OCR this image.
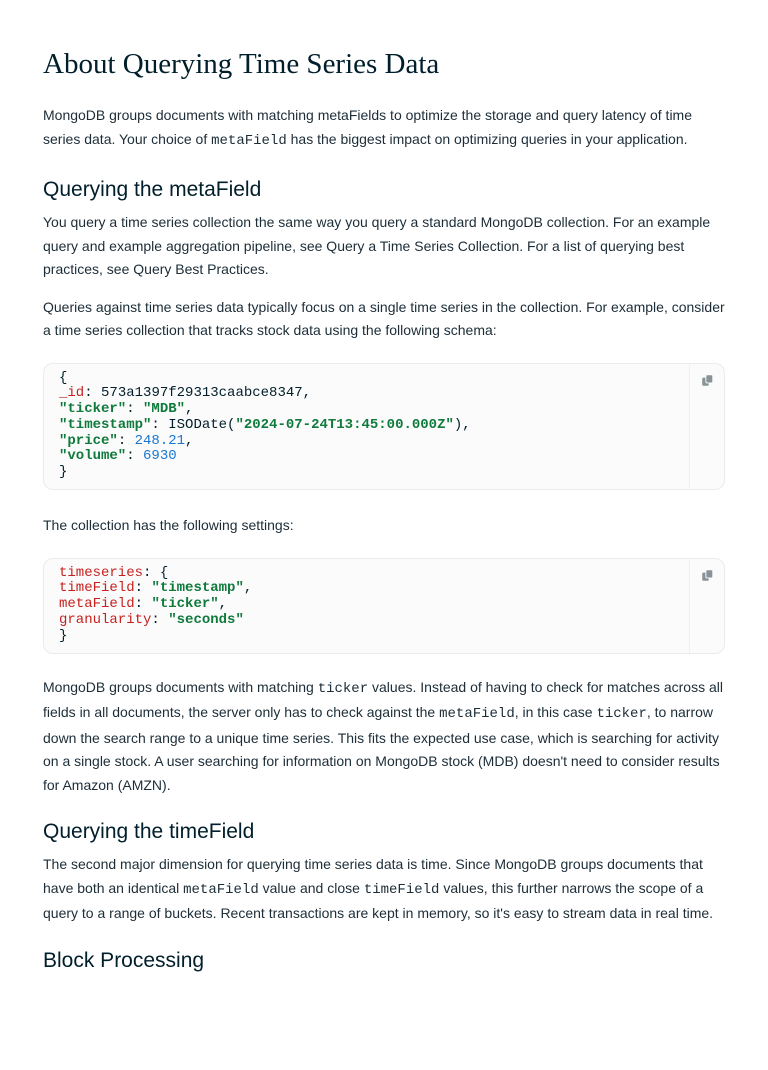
About Querying Time Series Data

MongoDB groups documents with matching metaFields to optimize the storage and query latency of time series data. Your choice of metaField has the biggest impact on optimizing queries in your application.

Querying the metaField

You query a time series collection the same way you query a standard MongoDB collection. For an example query and example aggregation pipeline, see Query a Time Series Collection. For a list of querying best practices, see Query Best Practices.

Queries against time series data typically focus on a single time series in the collection. For example, consider a time series collection that tracks stock data using the following schema:

{
_id: 573a1397f29313caabce8347,
"ticker": "MDB",
"timestamp": ISODate("2024-07-24T13:45:00.000Z"),
"price": 248.21,
"volume": 6930
}

The collection has the following settings:

timeseries: {
timeField: "timestamp",
metaField: "ticker",
granularity: "seconds"
}

MongoDB groups documents with matching ticker values. Instead of having to check for matches across all fields in all documents, the server only has to check against the metaField, in this case ticker, to narrow down the search range to a unique time series. This fits the expected use case, which is searching for activity on a single stock. A user searching for information on MongoDB stock (MDB) doesn't need to consider results for Amazon (AMZN).

Querying the timeField

The second major dimension for querying time series data is time. Since MongoDB groups documents that have both an identical metaField value and close timeField values, this further narrows the scope of a query to a range of buckets. Recent transactions are kept in memory, so it's easy to stream data in real time.

Block Processing
